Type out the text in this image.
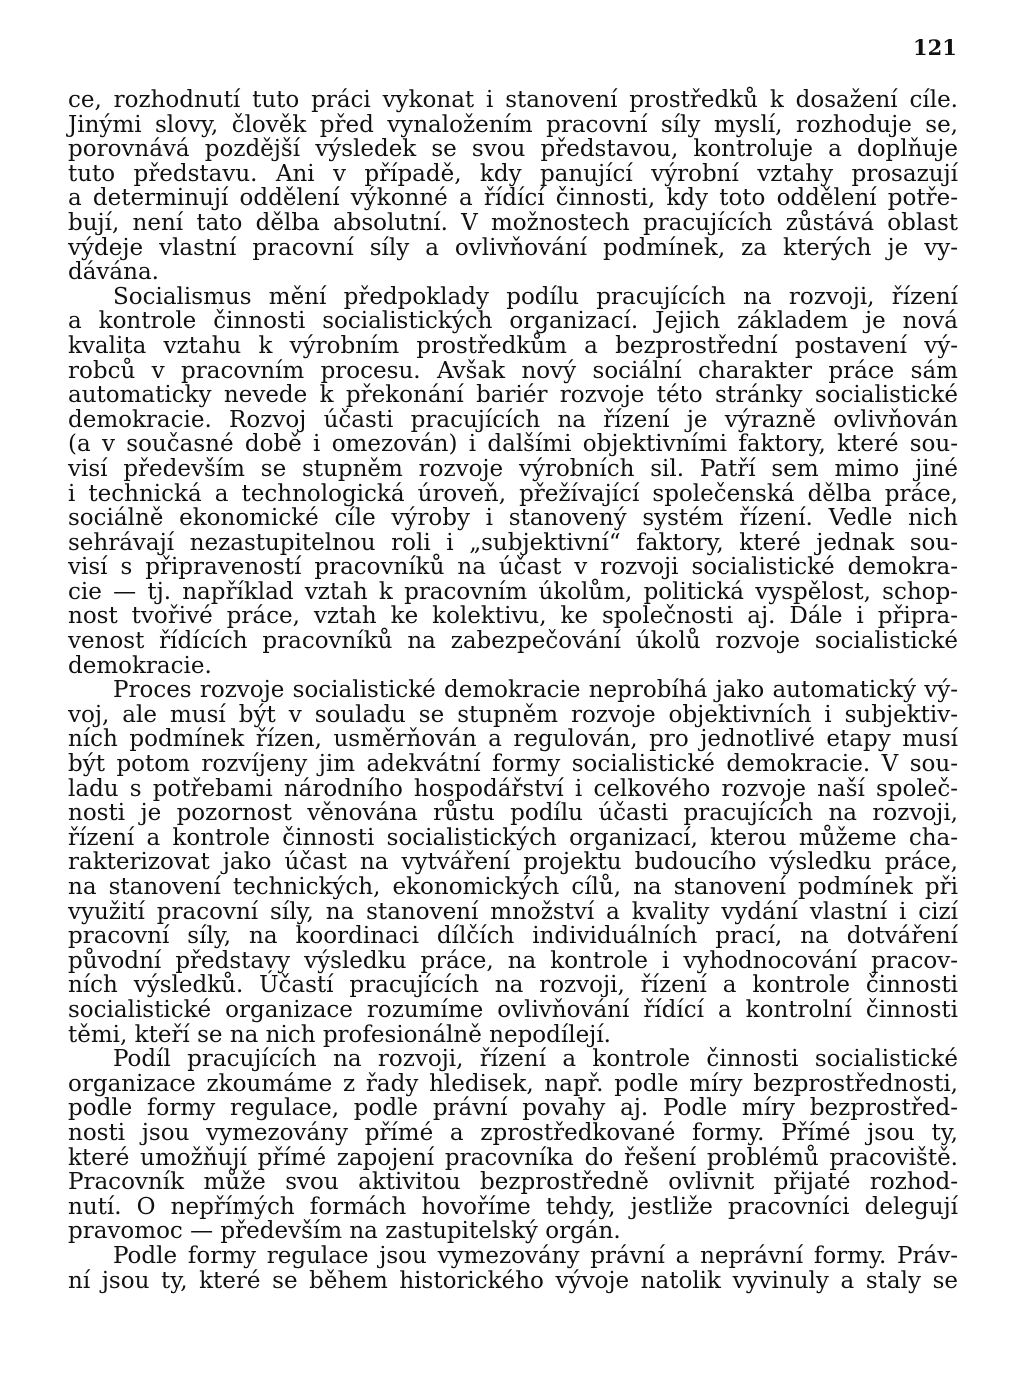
121
ce, rozhodnutí tuto práci vykonat i stanovení prostředků k dosažení cíle.
Jinými slovy, člověk před vynaložením pracovní síly myslí, rozhoduje se,
porovnává pozdější výsledek se svou představou, kontroluje a doplňuje
tuto představu. Ani v případě, kdy panující výrobní vztahy prosazují
a determinují oddělení výkonné a řídící činnosti, kdy toto oddělení potře-
bují, není tato dělba absolutní. V možnostech pracujících zůstává oblast
výdeje vlastní pracovní síly a ovlivňování podmínek, za kterých je vy-
dávána.
Socialismus mění předpoklady podílu pracujících na rozvoji, řízení
a kontrole činnosti socialistických organizací. Jejich základem je nová
kvalita vztahu k výrobním prostředkům a bezprostřední postavení vý-
robců v pracovním procesu. Avšak nový sociální charakter práce sám
automaticky nevede k překonání bariér rozvoje této stránky socialistické
demokracie. Rozvoj účasti pracujících na řízení je výrazně ovlivňován
(a v současné době i omezován) i dalšími objektivními faktory, které sou-
visí především se stupněm rozvoje výrobních sil. Patří sem mimo jiné
i technická a technologická úroveň, přežívající společenská dělba práce,
sociálně ekonomické cíle výroby i stanovený systém řízení. Vedle nich
sehrávají nezastupitelnou roli i „subjektivní“ faktory, které jednak sou-
visí s připraveností pracovníků na účast v rozvoji socialistické demokra-
cie — tj. například vztah k pracovním úkolům, politická vyspělost, schop-
nost tvořivé práce, vztah ke kolektivu, ke společnosti aj. Dále i připra-
venost řídících pracovníků na zabezpečování úkolů rozvoje socialistické
demokracie.
Proces rozvoje socialistické demokracie neprobíhá jako automatický vý-
voj, ale musí být v souladu se stupněm rozvoje objektivních i subjektiv-
ních podmínek řízen, usměrňován a regulován, pro jednotlivé etapy musí
být potom rozvíjeny jim adekvátní formy socialistické demokracie. V sou-
ladu s potřebami národního hospodářství i celkového rozvoje naší společ-
nosti je pozornost věnována růstu podílu účasti pracujících na rozvoji,
řízení a kontrole činnosti socialistických organizací, kterou můžeme cha-
rakterizovat jako účast na vytváření projektu budoucího výsledku práce,
na stanovení technických, ekonomických cílů, na stanovení podmínek při
využití pracovní síly, na stanovení množství a kvality vydání vlastní i cizí
pracovní síly, na koordinaci dílčích individuálních prací, na dotváření
původní představy výsledku práce, na kontrole i vyhodnocování pracov-
ních výsledků. Účastí pracujících na rozvoji, řízení a kontrole činnosti
socialistické organizace rozumíme ovlivňování řídící a kontrolní činnosti
těmi, kteří se na nich profesionálně nepodílejí.
Podíl pracujících na rozvoji, řízení a kontrole činnosti socialistické
organizace zkoumáme z řady hledisek, např. podle míry bezprostřednosti,
podle formy regulace, podle právní povahy aj. Podle míry bezprostřed-
nosti jsou vymezovány přímé a zprostředkované formy. Přímé jsou ty,
které umožňují přímé zapojení pracovníka do řešení problémů pracoviště.
Pracovník může svou aktivitou bezprostředně ovlivnit přijaté rozhod-
nutí. O nepřímých formách hovoříme tehdy, jestliže pracovníci delegují
pravomoc — především na zastupitelský orgán.
Podle formy regulace jsou vymezovány právní a neprávní formy. Práv-
ní jsou ty, které se během historického vývoje natolik vyvinuly a staly se
